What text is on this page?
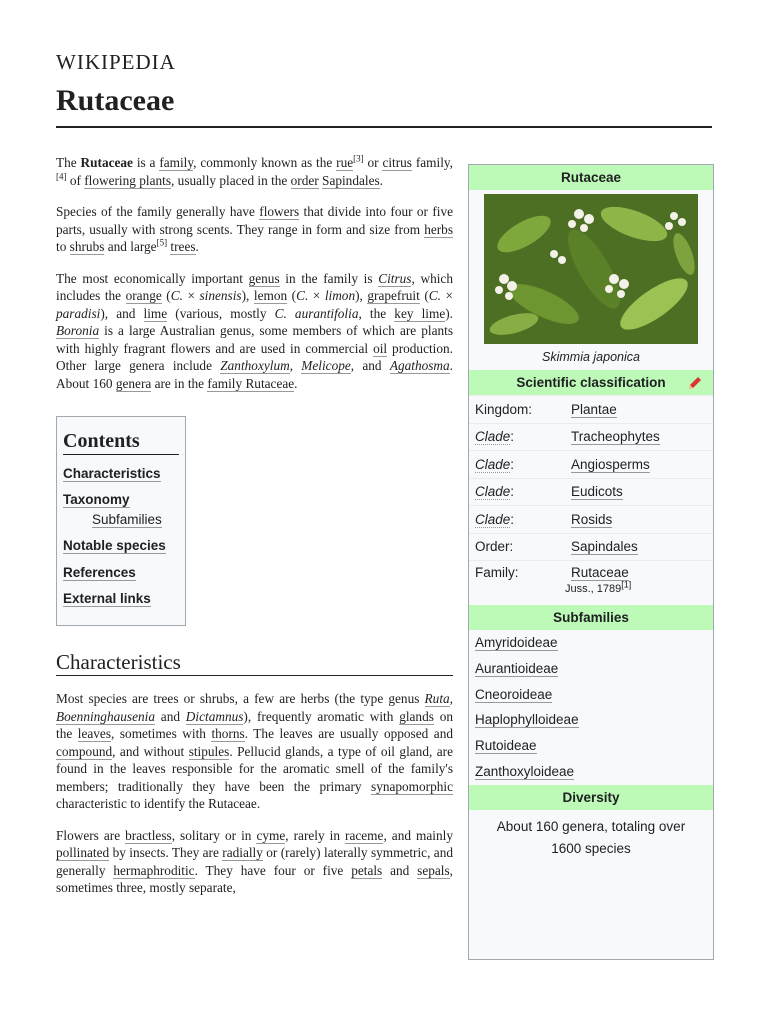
WIKIPEDIA
Rutaceae

The Rutaceae is a family, commonly known as the rue[3] or citrus family,[4] of flowering plants, usually placed in the order Sapindales.

Species of the family generally have flowers that divide into four or five parts, usually with strong scents. They range in form and size from herbs to shrubs and large[5] trees.

The most economically important genus in the family is Citrus, which includes the orange (C. × sinensis), lemon (C. × limon), grapefruit (C. × paradisi), and lime (various, mostly C. aurantifolia, the key lime). Boronia is a large Australian genus, some members of which are plants with highly fragrant flowers and are used in commercial oil production. Other large genera include Zanthoxylum, Melicope, and Agathosma. About 160 genera are in the family Rutaceae.

Contents
Characteristics
Taxonomy
Subfamilies
Notable species
References
External links
Characteristics

Most species are trees or shrubs, a few are herbs (the type genus Ruta, Boenninghausenia and Dictamnus), frequently aromatic with glands on the leaves, sometimes with thorns. The leaves are usually opposed and compound, and without stipules. Pellucid glands, a type of oil gland, are found in the leaves responsible for the aromatic smell of the family's members; traditionally they have been the primary synapomorphic characteristic to identify the Rutaceae.

Flowers are bractless, solitary or in cyme, rarely in raceme, and mainly pollinated by insects. They are radially or (rarely) laterally symmetric, and generally hermaphroditic. They have four or five petals and sepals, sometimes three, mostly separate,

Rutaceae
Skimmia japonica
Scientific classification
Kingdom:	Plantae
Clade:	Tracheophytes
Clade:	Angiosperms
Clade:	Eudicots
Clade:	Rosids
Order:	Sapindales
Family:	Rutaceae
Juss., 1789[1]
Subfamilies
Amyridoideae
Aurantioideae
Cneoroideae
Haplophylloideae
Rutoideae
Zanthoxyloideae
Diversity
About 160 genera, totaling over 1600 species
